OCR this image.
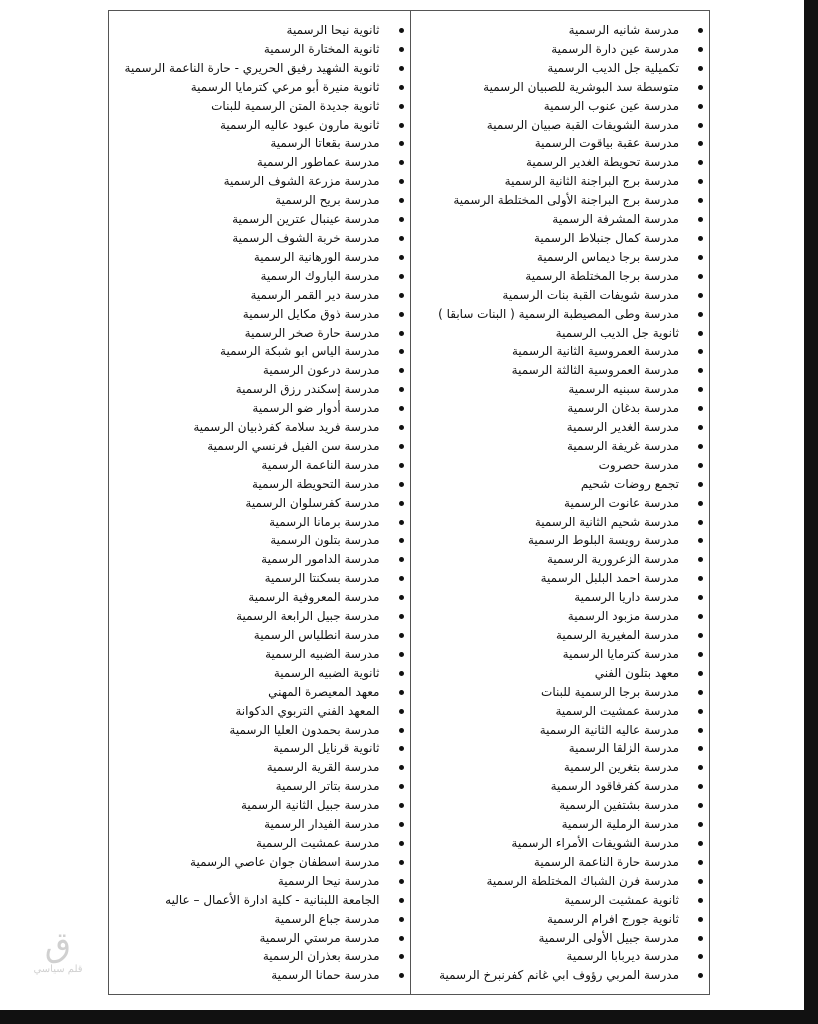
مدرسة شانيه الرسمية
مدرسة عين دارة الرسمية
تكميلية جل الديب الرسمية
متوسطة سد البوشرية للصبيان الرسمية
مدرسة عين عنوب الرسمية
مدرسة الشويفات القبة صبيان الرسمية
مدرسة عقبة بياقوت الرسمية
مدرسة تحويطة الغدير الرسمية
مدرسة برج البراجنة الثانية الرسمية
مدرسة برج البراجنة الأولى المختلطة الرسمية
مدرسة المشرفة الرسمية
مدرسة كمال جنبلاط الرسمية
مدرسة برجا ديماس الرسمية
مدرسة برجا المختلطة الرسمية
مدرسة شويفات القبة بنات الرسمية
مدرسة وطى المصيطبة الرسمية ( البنات سابقا )
ثانوية جل الديب الرسمية
مدرسة العمروسية الثانية الرسمية
مدرسة العمروسية الثالثة الرسمية
مدرسة سبنيه الرسمية
مدرسة بدغان الرسمية
مدرسة الغدير الرسمية
مدرسة غريفة الرسمية
مدرسة حصروت
تجمع روضات شحيم
مدرسة عانوت الرسمية
مدرسة شحيم الثانية الرسمية
مدرسة رويسة البلوط الرسمية
مدرسة الزعرورية الرسمية
مدرسة احمد البلبل الرسمية
مدرسة داريا الرسمية
مدرسة مزبود الرسمية
مدرسة المغيرية الرسمية
مدرسة كترمايا الرسمية
معهد بتلون الفني
مدرسة برجا الرسمية للبنات
مدرسة عمشيت الرسمية
مدرسة عاليه الثانية الرسمية
مدرسة الزلقا الرسمية
مدرسة بتغرين الرسمية
مدرسة كفرفاقود الرسمية
مدرسة بشتفين الرسمية
مدرسة الرملية الرسمية
مدرسة الشويفات الأمراء الرسمية
مدرسة حارة الناعمة الرسمية
مدرسة فرن الشباك المختلطة الرسمية
ثانوية عمشيت الرسمية
ثانوية جورج افرام الرسمية
مدرسة جبيل الأولى الرسمية
مدرسة ديربابا الرسمية
مدرسة المربي رؤوف ابي غانم كفرنبرخ الرسمية
ثانوية نيحا الرسمية
ثانوية المختارة الرسمية
ثانوية الشهيد رفيق الحريري - حارة الناعمة الرسمية
ثانوية منيرة أبو مرعي كترمايا الرسمية
ثانوية جديدة المتن الرسمية للبنات
ثانوية مارون عبود عاليه الرسمية
مدرسة بقعاتا الرسمية
مدرسة عماطور الرسمية
مدرسة مزرعة الشوف الرسمية
مدرسة بريح الرسمية
مدرسة عينبال عترين الرسمية
مدرسة خربة الشوف الرسمية
مدرسة الورهانية الرسمية
مدرسة الباروك الرسمية
مدرسة دير القمر الرسمية
مدرسة ذوق مكايل الرسمية
مدرسة حارة صخر الرسمية
مدرسة الياس ابو شبكة الرسمية
مدرسة درعون الرسمية
مدرسة إسكندر رزق الرسمية
مدرسة أدوار ضو الرسمية
مدرسة فريد سلامة كفرذبيان الرسمية
مدرسة سن الفيل فرنسي الرسمية
مدرسة الناعمة الرسمية
مدرسة التحويطة الرسمية
مدرسة كفرسلوان الرسمية
مدرسة برمانا الرسمية
مدرسة بتلون الرسمية
مدرسة الدامور الرسمية
مدرسة بسكنتا الرسمية
مدرسة المعروفية الرسمية
مدرسة جبيل الرابعة الرسمية
مدرسة انطلياس الرسمية
مدرسة الضبيه الرسمية
ثانوية الضبيه الرسمية
معهد المعيصرة المهني
المعهد الفني التربوي الدكوانة
مدرسة بحمدون العليا الرسمية
ثانوية قرنايل الرسمية
مدرسة القرية الرسمية
مدرسة بتاتر الرسمية
مدرسة جبيل الثانية الرسمية
مدرسة الفيدار الرسمية
مدرسة عمشيت الرسمية
مدرسة اسطفان جوان عاصي الرسمية
مدرسة نيحا الرسمية
الجامعة اللبنانية - كلية ادارة الأعمال – عاليه
مدرسة جباع الرسمية
مدرسة مرستي الرسمية
مدرسة بعذران الرسمية
مدرسة حمانا الرسمية
ق
قلم سياسي
